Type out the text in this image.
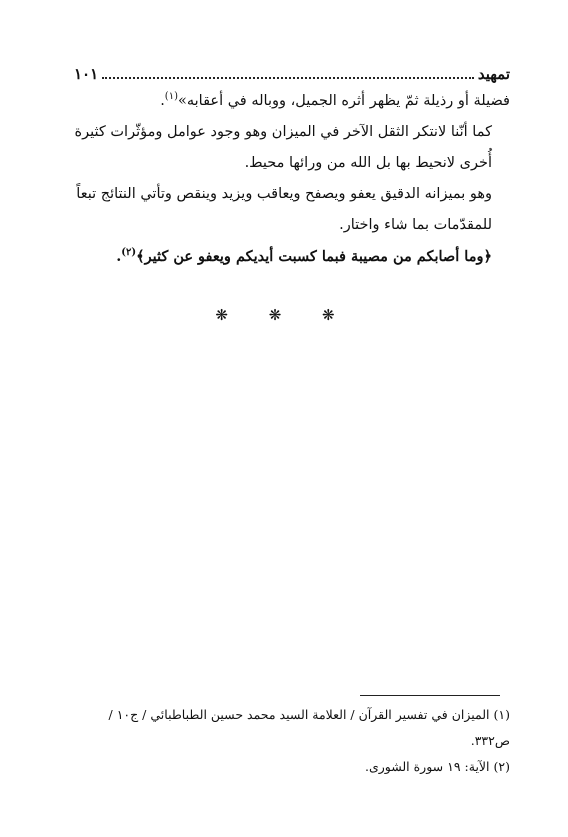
تمهيد
١٠١

فضيلة أو رذيلة ثمّ يظهر أثره الجميل، ووباله في أعقابه»$^{(١)}$.

كما أنّنا لانتكر الثقل الآخر في الميزان وهو وجود عوامل ومؤثّرات كثيرة أُخرى لانحيط بها بل الله من ورائها محيط.

وهو بميزانه الدقيق يعفو ويصفح ويعاقب ويزيد وينقص وتأتي النتائج تبعاً للمقدّمات بما شاء واختار.

﴿وما أصابكم من مصيبة فبما كسبت أيديكم ويعفو عن كثير﴾$^{(٢)}$.

❋ ❋ ❋

(١) الميزان في تفسير القرآن / العلامة السيد محمد حسين الطباطبائي / ج١٠ / ص٣٣٢.

(٢) الآية: ١٩ سورة الشورى.
